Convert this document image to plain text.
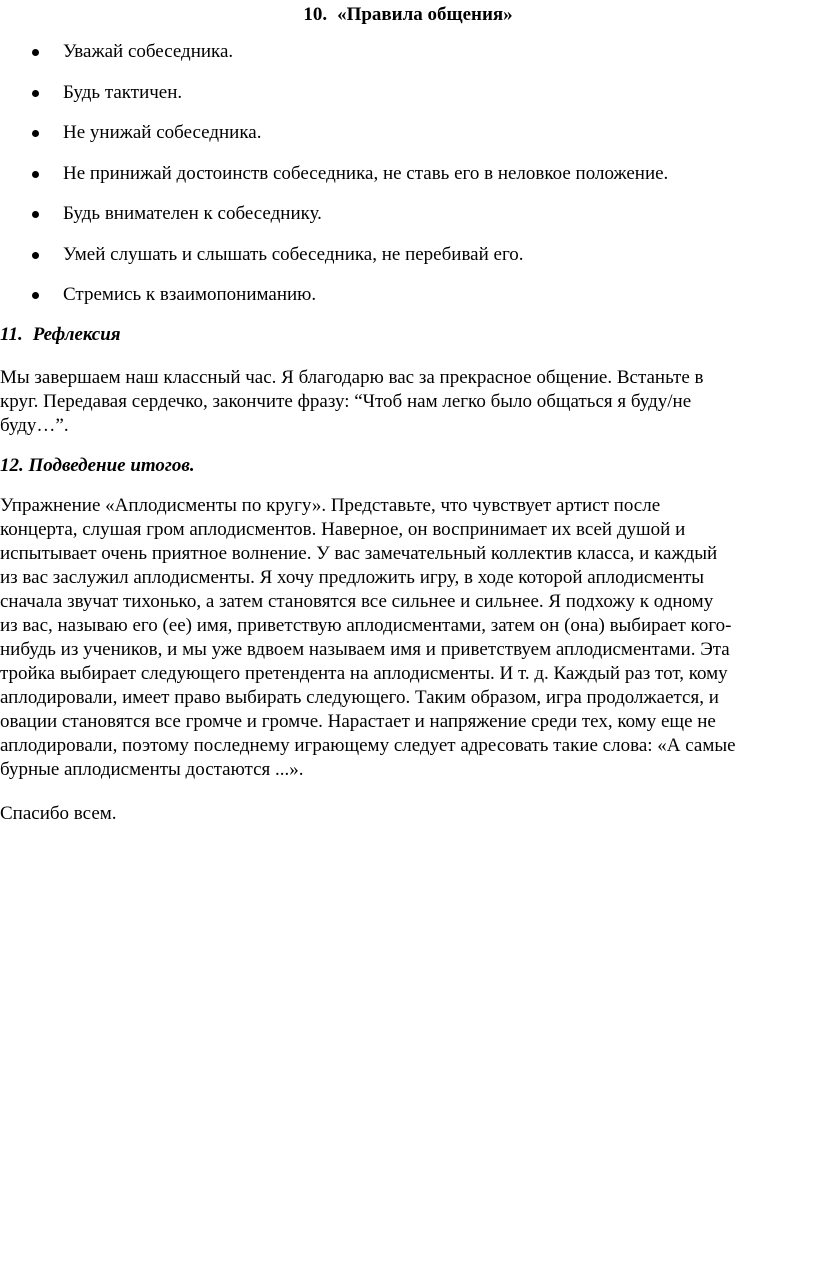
10. «Правила общения»
Уважай собеседника.
Будь тактичен.
Не унижай собеседника.
Не принижай достоинств собеседника, не ставь его в неловкое положение.
Будь внимателен к собеседнику.
Умей слушать и слышать собеседника, не перебивай его.
Стремись к взаимопониманию.
11. Рефлексия

Мы завершаем наш классный час. Я благодарю вас за прекрасное общение. Встаньте в
круг. Передавая сердечко, закончите фразу: “Чтоб нам легко было общаться я буду/не
буду…”.

12. Подведение итогов.

Упражнение «Аплодисменты по кругу». Представьте, что чувствует артист после
концерта, слушая гром аплодисментов. Наверное, он воспринимает их всей душой и
испытывает очень приятное волнение. У вас замечательный коллектив класса, и каждый
из вас заслужил аплодисменты. Я хочу предложить игру, в ходе которой аплодисменты
сначала звучат тихонько, а затем становятся все сильнее и сильнее. Я подхожу к одному
из вас, называю его (ее) имя, приветствую аплодисментами, затем он (она) выбирает кого-
нибудь из учеников, и мы уже вдвоем называем имя и приветствуем аплодисментами. Эта
тройка выбирает следующего претендента на аплодисменты. И т. д. Каждый раз тот, кому
аплодировали, имеет право выбирать следующего. Таким образом, игра продолжается, и
овации становятся все громче и громче. Нарастает и напряжение среди тех, кому еще не
аплодировали, поэтому последнему играющему следует адресовать такие слова: «А самые
бурные аплодисменты достаются ...».

Спасибо всем.
